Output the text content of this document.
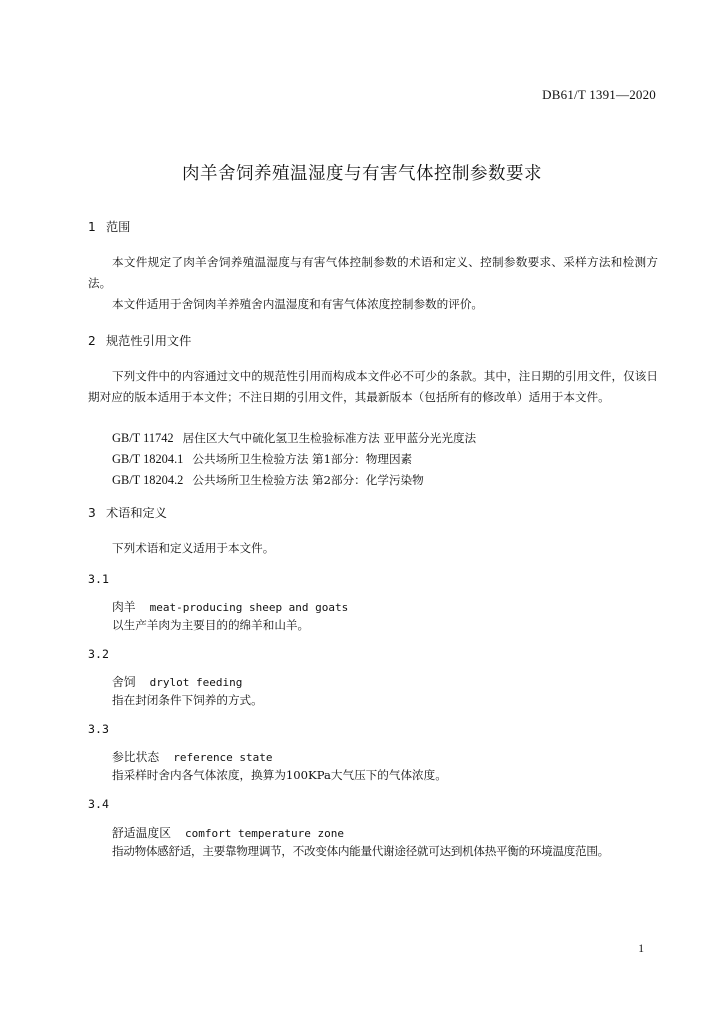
DB61/T 1391—2020
肉羊舍饲养殖温湿度与有害气体控制参数要求
1 范围

本文件规定了肉羊舍饲养殖温湿度与有害气体控制参数的术语和定义、控制参数要求、采样方法和检测方法。

本文件适用于舍饲肉羊养殖舍内温湿度和有害气体浓度控制参数的评价。

2 规范性引用文件

下列文件中的内容通过文中的规范性引用而构成本文件必不可少的条款。其中，注日期的引用文件，仅该日期对应的版本适用于本文件；不注日期的引用文件，其最新版本（包括所有的修改单）适用于本文件。

GB/T 11742 居住区大气中硫化氢卫生检验标准方法 亚甲蓝分光光度法
GB/T 18204.1 公共场所卫生检验方法 第1部分：物理因素
GB/T 18204.2 公共场所卫生检验方法 第2部分：化学污染物
3 术语和定义

下列术语和定义适用于本文件。

3.1
肉羊 meat-producing sheep and goats
以生产羊肉为主要目的的绵羊和山羊。
3.2
舍饲 drylot feeding
指在封闭条件下饲养的方式。
3.3
参比状态 reference state
指采样时舍内各气体浓度，换算为100KPa大气压下的气体浓度。
3.4
舒适温度区 comfort temperature zone
指动物体感舒适，主要靠物理调节，不改变体内能量代谢途径就可达到机体热平衡的环境温度范围。
1
